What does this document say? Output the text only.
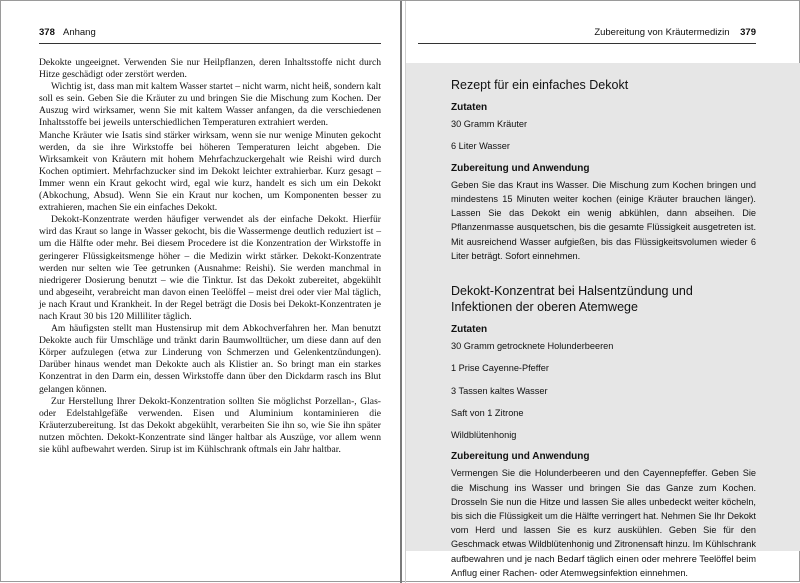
378 Anhang

Dekokte ungeeignet. Verwenden Sie nur Heilpflanzen, deren Inhaltsstoffe nicht durch Hitze geschädigt oder zerstört werden.

Wichtig ist, dass man mit kaltem Wasser startet – nicht warm, nicht heiß, sondern kalt soll es sein. Geben Sie die Kräuter zu und bringen Sie die Mischung zum Kochen. Der Auszug wird wirksamer, wenn Sie mit kaltem Wasser anfangen, da die verschiedenen Inhaltsstoffe bei jeweils unterschiedlichen Temperaturen extrahiert werden.

Manche Kräuter wie Isatis sind stärker wirksam, wenn sie nur wenige Minuten gekocht werden, da sie ihre Wirkstoffe bei höheren Temperaturen leicht abgeben. Die Wirksamkeit von Kräutern mit hohem Mehrfachzuckergehalt wie Reishi wird durch Kochen optimiert. Mehrfachzucker sind im Dekokt leichter extrahierbar. Kurz gesagt – Immer wenn ein Kraut gekocht wird, egal wie kurz, handelt es sich um ein Dekokt (Abkochung, Absud). Wenn Sie ein Kraut nur kochen, um Komponenten besser zu extrahieren, machen Sie ein einfaches Dekokt.

Dekokt-Konzentrate werden häufiger verwendet als der einfache Dekokt. Hierfür wird das Kraut so lange in Wasser gekocht, bis die Wassermenge deutlich reduziert ist – um die Hälfte oder mehr. Bei diesem Procedere ist die Konzentration der Wirkstoffe in geringerer Flüssigkeitsmenge höher – die Medizin wirkt stärker. Dekokt-Konzentrate werden nur selten wie Tee getrunken (Ausnahme: Reishi). Sie werden manchmal in niedrigerer Dosierung benutzt – wie die Tinktur. Ist das Dekokt zubereitet, abgekühlt und abgeseiht, verabreicht man davon einen Teelöffel – meist drei oder vier Mal täglich, je nach Kraut und Krankheit. In der Regel beträgt die Dosis bei Dekokt-Konzentraten je nach Kraut 30 bis 120 Milliliter täglich.

Am häufigsten stellt man Hustensirup mit dem Abkochverfahren her. Man benutzt Dekokte auch für Umschläge und tränkt darin Baumwolltücher, um diese dann auf den Körper aufzulegen (etwa zur Linderung von Schmerzen und Gelenkentzündungen). Darüber hinaus wendet man Dekokte auch als Klistier an. So bringt man ein starkes Konzentrat in den Darm ein, dessen Wirkstoffe dann über den Dickdarm rasch ins Blut gelangen können.

Zur Herstellung Ihrer Dekokt-Konzentration sollten Sie möglichst Porzellan-, Glas- oder Edelstahlgefäße verwenden. Eisen und Aluminium kontaminieren die Kräuterzubereitung. Ist das Dekokt abgekühlt, verarbeiten Sie ihn so, wie Sie ihn später nutzen möchten. Dekokt-Konzentrate sind länger haltbar als Auszüge, vor allem wenn sie kühl aufbewahrt werden. Sirup ist im Kühlschrank oftmals ein Jahr haltbar.

Zubereitung von Kräutermedizin 379
Rezept für ein einfaches Dekokt
Zutaten
30 Gramm Kräuter
6 Liter Wasser
Zubereitung und Anwendung

Geben Sie das Kraut ins Wasser. Die Mischung zum Kochen bringen und mindestens 15 Minuten weiter kochen (einige Kräuter brauchen länger). Lassen Sie das Dekokt ein wenig abkühlen, dann abseihen. Die Pflanzenmasse ausquetschen, bis die gesamte Flüssigkeit ausgetreten ist. Mit ausreichend Wasser aufgießen, bis das Flüssigkeitsvolumen wieder 6 Liter beträgt. Sofort einnehmen.

Dekokt-Konzentrat bei Halsentzündung und Infektionen der oberen Atemwege
Zutaten
30 Gramm getrocknete Holunderbeeren
1 Prise Cayenne-Pfeffer
3 Tassen kaltes Wasser
Saft von 1 Zitrone
Wildblütenhonig
Zubereitung und Anwendung

Vermengen Sie die Holunderbeeren und den Cayennepfeffer. Geben Sie die Mischung ins Wasser und bringen Sie das Ganze zum Kochen. Drosseln Sie nun die Hitze und lassen Sie alles unbedeckt weiter köcheln, bis sich die Flüssigkeit um die Hälfte verringert hat. Nehmen Sie Ihr Dekokt vom Herd und lassen Sie es kurz auskühlen. Geben Sie für den Geschmack etwas Wildblütenhonig und Zitronensaft hinzu. Im Kühlschrank aufbewahren und je nach Bedarf täglich einen oder mehrere Teelöffel beim Anflug einer Rachen- oder Atemwegsinfektion einnehmen.
